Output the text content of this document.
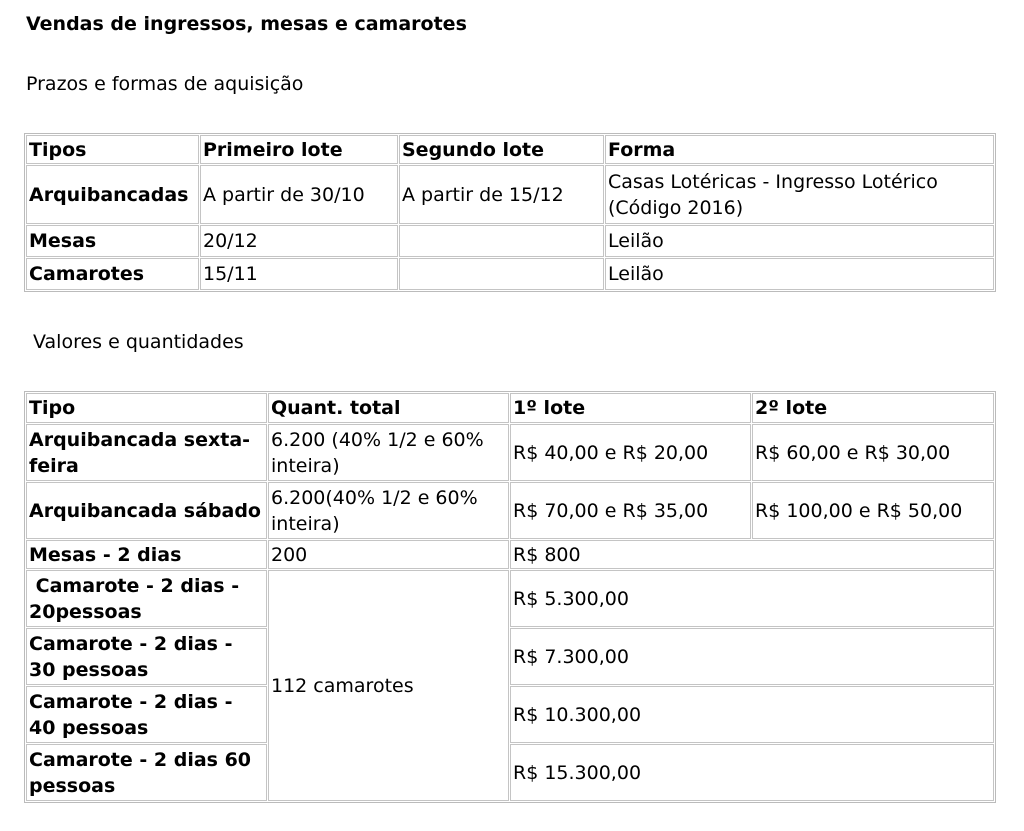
Vendas de ingressos, mesas e camarotes
Prazos e formas de aquisição
Tipos	Primeiro lote	Segundo lote	Forma
Arquibancadas	A partir de 30/10	A partir de 15/12	Casas Lotéricas - Ingresso Lotérico (Código 2016)
Mesas	20/12		Leilão
Camarotes	15/11		Leilão
Valores e quantidades
Tipo	Quant. total	1º lote	2º lote
Arquibancada sexta-feira	6.200 (40% 1/2 e 60% inteira)	R$ 40,00 e R$ 20,00	R$ 60,00 e R$ 30,00
Arquibancada sábado	6.200(40% 1/2 e 60% inteira)	R$ 70,00 e R$ 35,00	R$ 100,00 e R$ 50,00
Mesas - 2 dias	200	R$ 800	
Camarote - 2 dias - 20pessoas	112 camarotes	R$ 5.300,00	
Camarote - 2 dias - 30 pessoas		R$ 7.300,00	
Camarote - 2 dias - 40 pessoas		R$ 10.300,00	
Camarote - 2 dias 60 pessoas		R$ 15.300,00	
